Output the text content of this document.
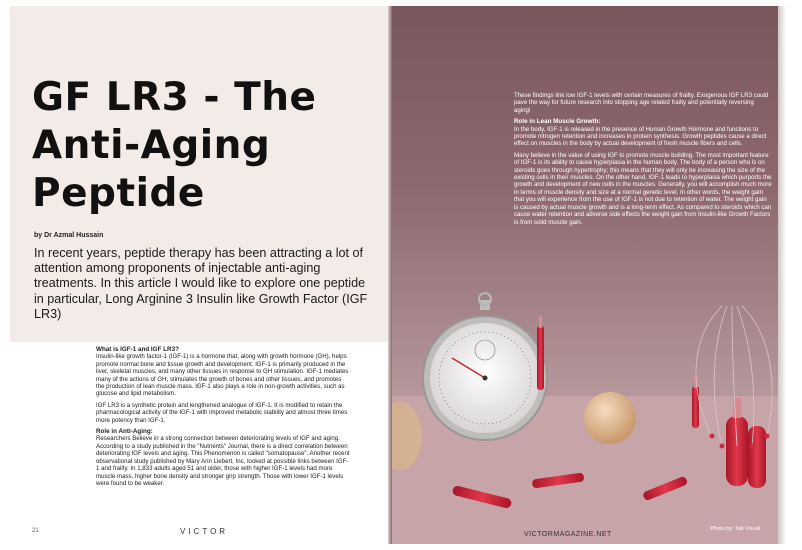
GF LR3 - The Anti-Aging Peptide
by Dr Azmal Hussain

In recent years, peptide therapy has been attracting a lot of attention among proponents of injectable anti-aging treatments. In this article I would like to explore one peptide in particular, Long Arginine 3 Insulin like Growth Factor (IGF LR3)

What is IGF-1 and IGF LR3?

Insulin-like growth factor-1 (IGF-1) is a hormone that, along with growth hormone (GH), helps promote normal bone and tissue growth and development. IGF-1 is primarily produced in the liver, skeletal muscles, and many other tissues in response to GH stimulation. IGF-1 mediates many of the actions of GH, stimulates the growth of bones and other tissues, and promotes the production of lean muscle mass. IGF-1 also plays a role in non-growth activities, such as glucose and lipid metabolism.

IGF LR3 is a synthetic protein and lengthened analogue of IGF-1. It is modified to retain the pharmacological activity of the IGF-1 with improved metabolic stability and almost three times more potency than IGF-1.

Role in Anti-Aging:

Researchers Believe in a strong connection between deteriorating levels of IGF and aging. According to a study published in the "Nutrients" Journal, there is a direct correlation between deteriorating IGF levels and aging. This Phenomenon is called "somatopause". Another recent observational study published by Mary Ann Liebert, Inc, looked at possible links between IGF-1 and frailty. In 1,833 adults aged 51 and older, those with higher IGF-1 levels had more muscle mass, higher bone density and stronger grip strength. Those with lower IGF-1 levels were found to be weaker.

21	VICTOR

These findings link low IGF-1 levels with certain measures of frailty. Exogenous IGF LR3 could pave the way for future research into stopping age related frailty and potentially reversing aging!

Role in Lean Muscle Growth:

In the body, IGF-1 is released in the presence of Human Growth Hormone and functions to promote nitrogen retention and increases in protein synthesis. Growth peptides cause a direct effect on muscles in the body by actual development of fresh muscle fibers and cells.

Many believe in the value of using IGF to promote muscle building. The most important feature of IGF-1 is its ability to cause hyperplasia in the human body. The body of a person who is on steroids goes through hypertrophy; this means that they will only be increasing the size of the existing cells in their muscles. On the other hand, IGF-1 leads to hyperplasia which purports the growth and development of new cells in the muscles. Generally, you will accomplish much more in terms of muscle density and size at a normal genetic level. In other words, the weight gain that you will experience from the use of IGF-1 is not due to retention of water. The weight gain is caused by actual muscle growth and is a long-term effect. As compared to steroids which can cause water retention and adverse side effects the weight gain from Insulin-like Growth Factors is from solid muscle gain.

Photo by: Tati Visual
VICTORMAGAZINE.NET
